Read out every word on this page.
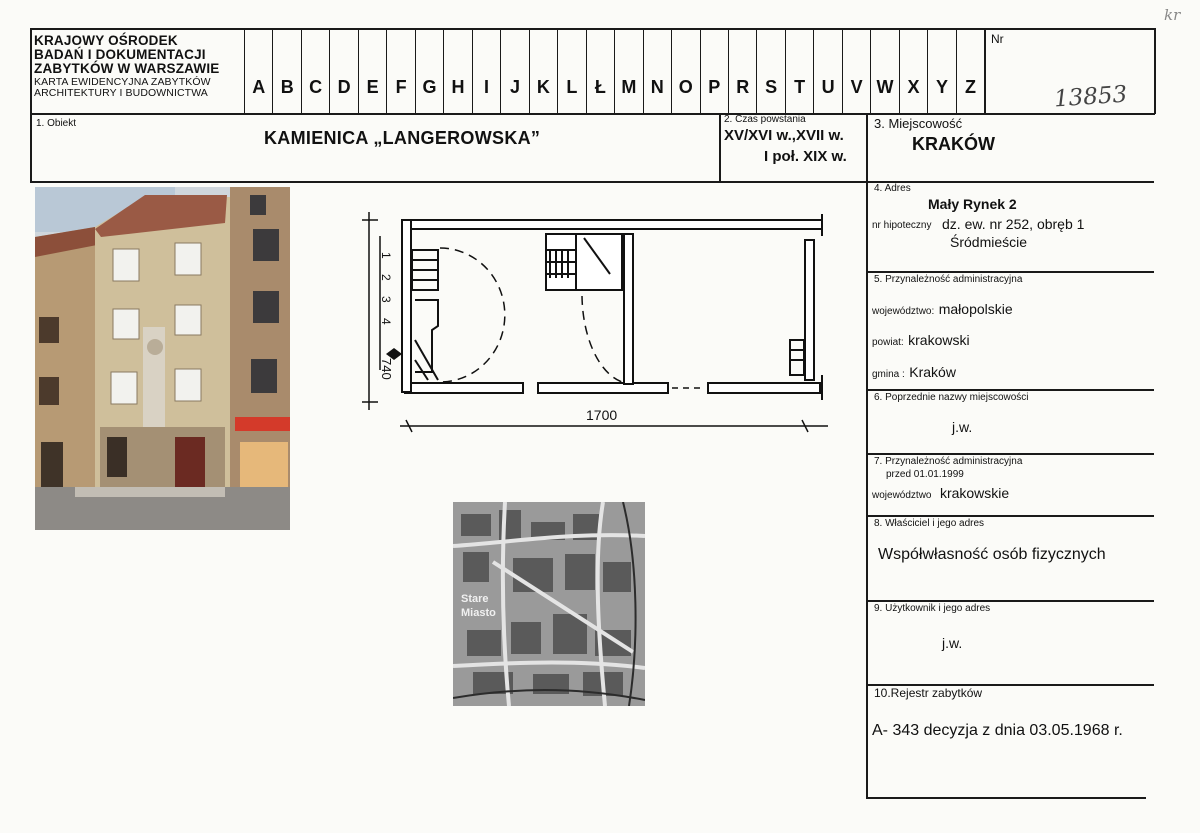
KRAJOWY OŚRODEK
BADAŃ I DOKUMENTACJI
ZABYTKÓW W WARSZAWIE
KARTA EWIDENCYJNA ZABYTKÓW
ARCHITEKTURY I BUDOWNICTWA	A B C D E F G H	I	J K L Ł M N O P R S T U V W X Y Z
Nr
13853
kr
1. Obiekt
KAMIENICA „LANGEROWSKA”
2. Czas powstania
XV/XVI w.,XVII w.
I poł. XIX w.
3. Miejscowość
KRAKÓW
4. Adres
Mały Rynek 2
nr hipoteczny dz. ew. nr 252, obręb 1
Śródmieście
5. Przynależność administracyjna
województwo: małopolskie
powiat: krakowski
gmina : Kraków
6. Poprzednie nazwy miejscowości
j.w.
7. Przynależność administracyjna
przed 01.01.1999
województwo krakowskie
8. Właściciel i jego adres
Współwłasność osób fizycznych
9. Użytkownik i jego adres
j.w.
10.Rejestr zabytków
A- 343 decyzja z dnia 03.05.1968 r.
1700
740
1
2
3
4
Stare
Miasto
